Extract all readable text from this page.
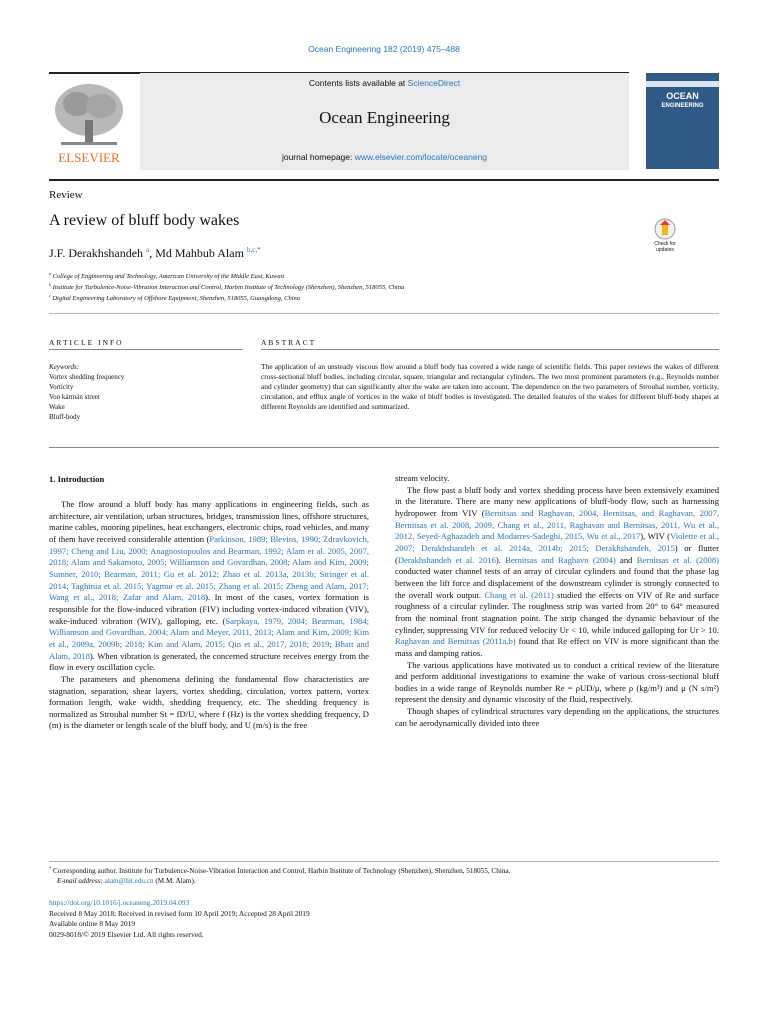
Ocean Engineering 182 (2019) 475–488
ELSEVIER
Contents lists available at ScienceDirect
Ocean Engineering
journal homepage: www.elsevier.com/locate/oceaneng
OCEAN
ENGINEERING
Review
A review of bluff body wakes
Check for updates
J.F. Derakhshandeh $^a$, Md Mahbub Alam $^{b,c,*}$
$^a$ College of Engineering and Technology, American University of the Middle East, Kuwait
$^b$ Institute for Turbulence-Noise-Vibration Interaction and Control, Harbin Institute of Technology (Shenzhen), Shenzhen, 518055, China
$^c$ Digital Engineering Laboratory of Offshore Equipment, Shenzhen, 518055, Guangdong, China
ARTICLE INFO	ABSTRACT
Keywords:
Vortex shedding frequency
Vorticity
Von kármán street
Wake
Bluff-body
The application of an unsteady viscous flow around a bluff body has covered a wide range of scientific fields. This paper reviews the wakes of different cross-sectional bluff bodies, including circular, square, triangular and rectangular cylinders. The two most prominent parameters (e.g., Reynolds number and cylinder geometry) that can significantly alter the wake are taken into account. The dependence on the two parameters of Strouhal number, vorticity, circulation, and efflux angle of vortices in the wake of bluff bodies is investigated. The detailed features of the wakes for different bluff-body shapes at different Reynolds are identified and summarized.
1. Introduction

The flow around a bluff body has many applications in engineering fields, such as architecture, air ventilation, urban structures, bridges, transmission lines, offshore structures, marine cables, mooring pipelines, heat exchangers, electronic chips, road vehicles, and many of them have received considerable attention (Parkinson, 1989; Blevins, 1990; Zdravkovich, 1997; Cheng and Liu, 2000; Anagnostopoulos and Bearman, 1992; Alam et al. 2005, 2007, 2018; Alam and Sakamoto, 2005; Williamson and Govardhan, 2008; Alam and Kim, 2009; Sumner, 2010; Bearman, 2011; Gu et al. 2012; Zhao et al. 2013a, 2013b; Stringer et al. 2014; Taghinia et al. 2015; Yagmur et al. 2015; Zhang et al. 2015; Zheng and Alam, 2017; Wang et al., 2018; Zafar and Alam, 2018). In most of the cases, vortex formation is responsible for the flow-induced vibration (FIV) including vortex-induced vibration (VIV), wake-induced vibration (WIV), galloping, etc. (Sarpkaya, 1979, 2004; Bearman, 1984; Williamson and Govardhan, 2004; Alam and Meyer, 2011, 2013; Alam and Kim, 2009; Kim et al., 2009a, 2009b; 2018; Kim and Alam, 2015; Qin et al., 2017, 2018; 2019; Bhatt and Alam, 2018). When vibration is generated, the concerned structure receives energy from the flow in every oscillation cycle.

The parameters and phenomena defining the fundamental flow characteristics are stagnation, separation, shear layers, vortex shedding, circulation, vortex pattern, vortex formation length, wake width, shedding frequency, etc. The shedding frequency is normalized as Strouhal number St = fD/U, where f (Hz) is the vortex shedding frequency, D (m) is the diameter or length scale of the bluff body, and U (m/s) is the free

stream velocity.

The flow past a bluff body and vortex shedding process have been extensively examined in the literature. There are many new applications of bluff-body flow, such as harnessing hydropower from VIV (Bernitsas and Raghavan, 2004, Bernitsas, and Raghavan, 2007, Bernitsas et al. 2008, 2009, Chang et al., 2011, Raghavan and Bernitsas, 2011, Wu et al., 2012, Seyed-Aghazadeh and Modarres-Sadeghi, 2015, Wu et al., 2017), WIV (Violette et al., 2007; Derakhshandeh et al. 2014a, 2014b; 2015; Derakhshandeh, 2015) or flutter (Derakhshandeh et al. 2016). Bernitsas and Raghavn (2004) and Bernitsas et al. (2008) conducted water channel tests of an array of circular cylinders and found that the phase lag between the lift force and displacement of the downstream cylinder is strongly connected to the overall work output. Chang et al. (2011) studied the effects on VIV of Re and surface roughness of a circular cylinder. The roughness strip was varied from 20° to 64° measured from the nominal front stagnation point. The strip changed the dynamic behaviour of the cylinder, suppressing VIV for reduced velocity Ur < 10, while induced galloping for Ur > 10. Raghavan and Bernitsas (2011a,b) found that Re effect on VIV is more significant than the mass and damping ratios.

The various applications have motivated us to conduct a critical review of the literature and perform additional investigations to examine the wake of various cross-sectional bluff bodies in a wide range of Reynolds number Re = ρUD/μ, where ρ (kg/m³) and μ (N s/m²) represent the density and dynamic viscosity of the fluid, respectively.

Though shapes of cylindrical structures vary depending on the applications, the structures can be aerodynamically divided into three

* Corresponding author. Institute for Turbulence-Noise-Vibration Interaction and Control, Harbin Institute of Technology (Shenzhen), Shenzhen, 518055, China.
E-mail address: alam@hit.edu.cn (M.M. Alam).
https://doi.org/10.1016/j.oceaneng.2019.04.093
Received 8 May 2018; Received in revised form 10 April 2019; Accepted 28 April 2019
Available online 8 May 2019
0029-8018/© 2019 Elsevier Ltd. All rights reserved.
